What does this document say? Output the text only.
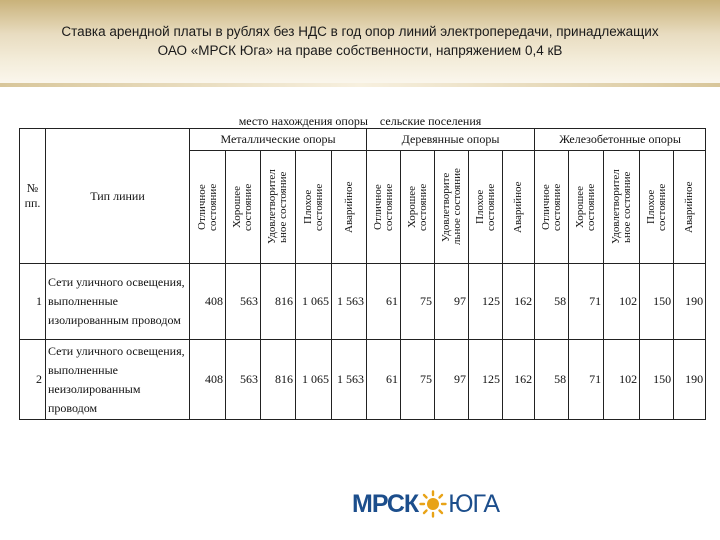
Ставка арендной платы в рублях без НДС в год опор линий электропередачи, принадлежащих
ОАО «МРСК Юга» на праве собственности, напряжением 0,4 кВ
место нахождения опоры сельские поселения
№
пп.	Тип линии	Металлические опоры					Деревянные опоры					Железобетонные опоры				

		Отличное
состояние	Хорошее
состояние	Удовлетворител
ьное состояние	Плохое
состояние	Аварийное	Отличное
состояние	Хорошее
состояние	Удовлетворите
льное состояние	Плохое
состояние	Аварийное	Отличное
состояние	Хорошее
состояние	Удовлетворител
ьное состояние	Плохое
состояние	Аварийное

1	Сети уличного освещения,
выполненные
изолированным проводом	408	563	816	1 065	1 563	61	75	97	125	162	58	71	102	150	190
2	Сети уличного освещения,
выполненные
неизолированным
проводом	408	563	816	1 065	1 563	61	75	97	125	162	58	71	102	150	190
МРСК ЮГА
